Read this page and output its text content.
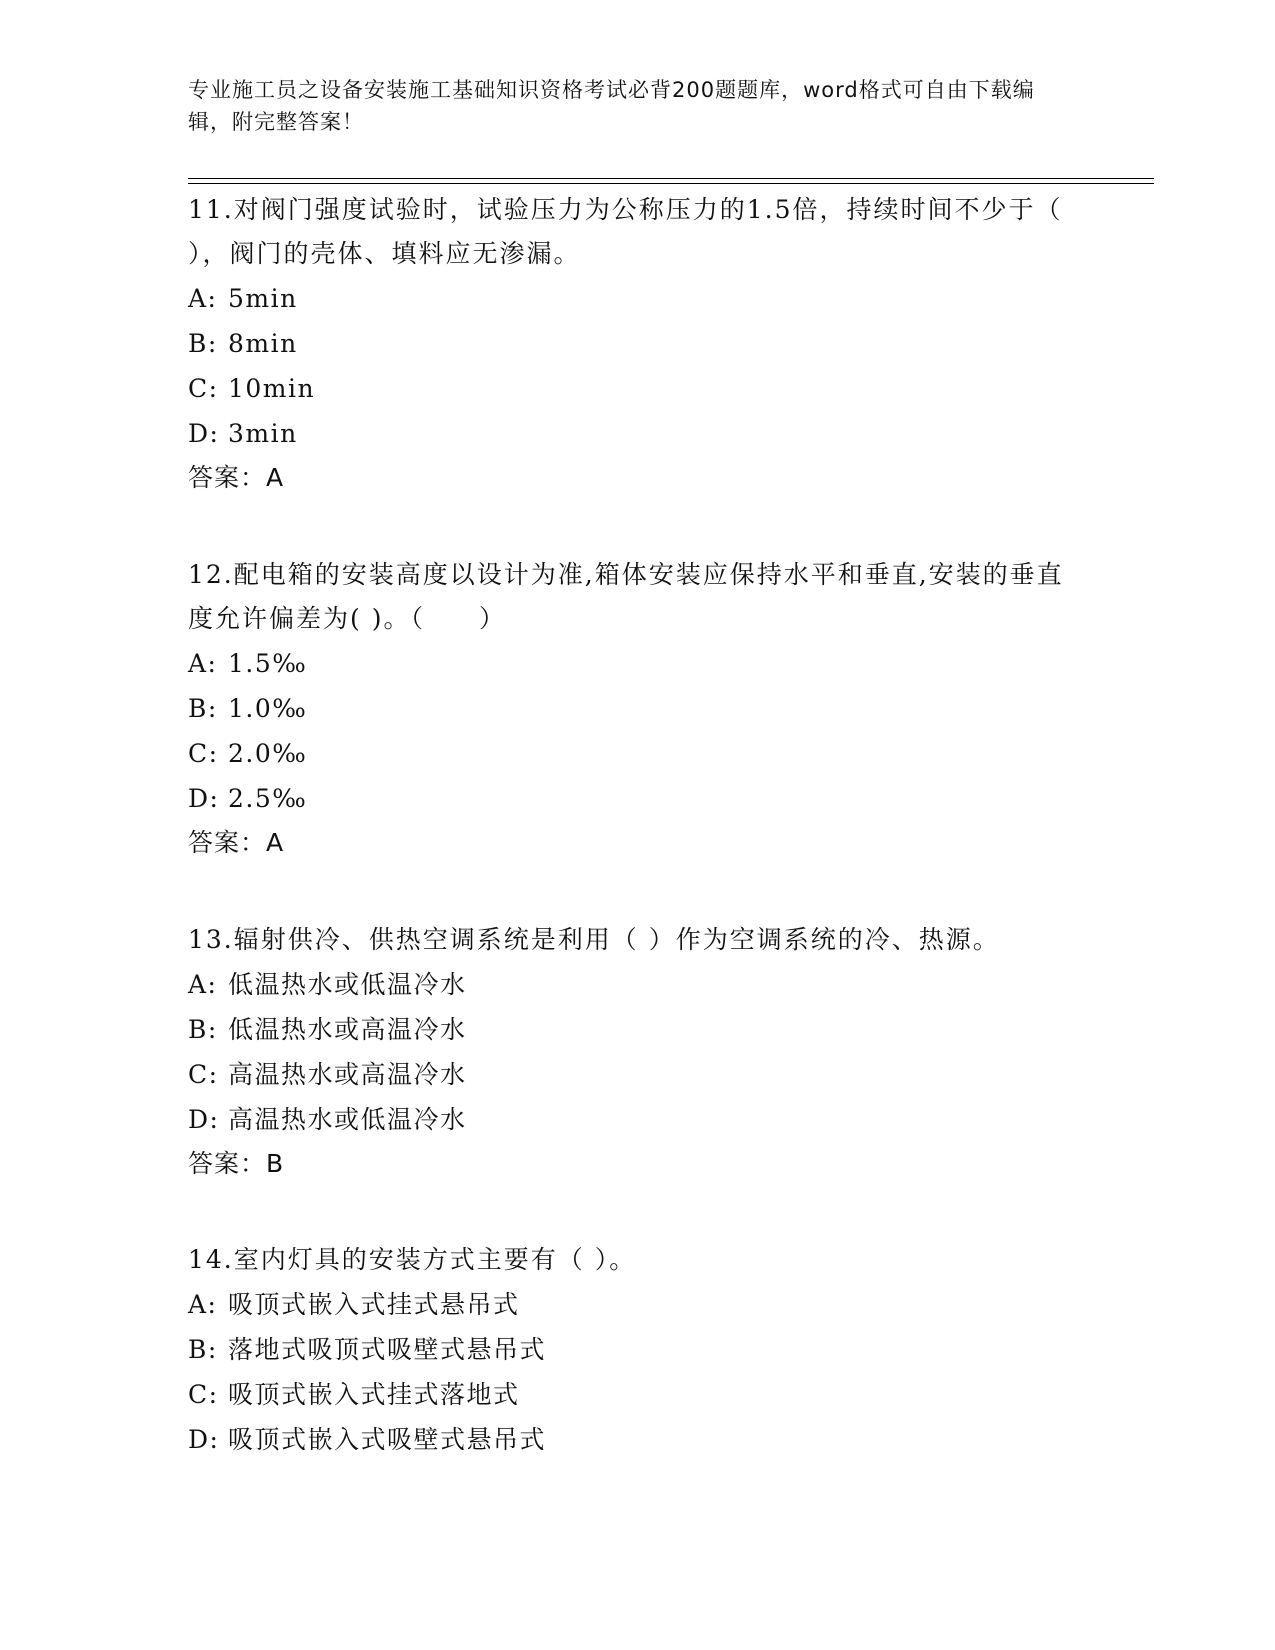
专业施工员之设备安装施工基础知识资格考试必背200题题库，word格式可自由下载编辑，附完整答案！
11.对阀门强度试验时，试验压力为公称压力的1.5倍，持续时间不少于（ ），阀门的壳体、填料应无渗漏。
A: 5min
B: 8min
C: 10min
D: 3min
答案：A
12.配电箱的安装高度以设计为准,箱体安装应保持水平和垂直,安装的垂直度允许偏差为( )。（　　）
A: 1.5‰
B: 1.0‰
C: 2.0‰
D: 2.5‰
答案：A
13.辐射供冷、供热空调系统是利用（ ）作为空调系统的冷、热源。
A: 低温热水或低温冷水
B: 低温热水或高温冷水
C: 高温热水或高温冷水
D: 高温热水或低温冷水
答案：B
14.室内灯具的安装方式主要有（ ）。
A: 吸顶式嵌入式挂式悬吊式
B: 落地式吸顶式吸壁式悬吊式
C: 吸顶式嵌入式挂式落地式
D: 吸顶式嵌入式吸壁式悬吊式
